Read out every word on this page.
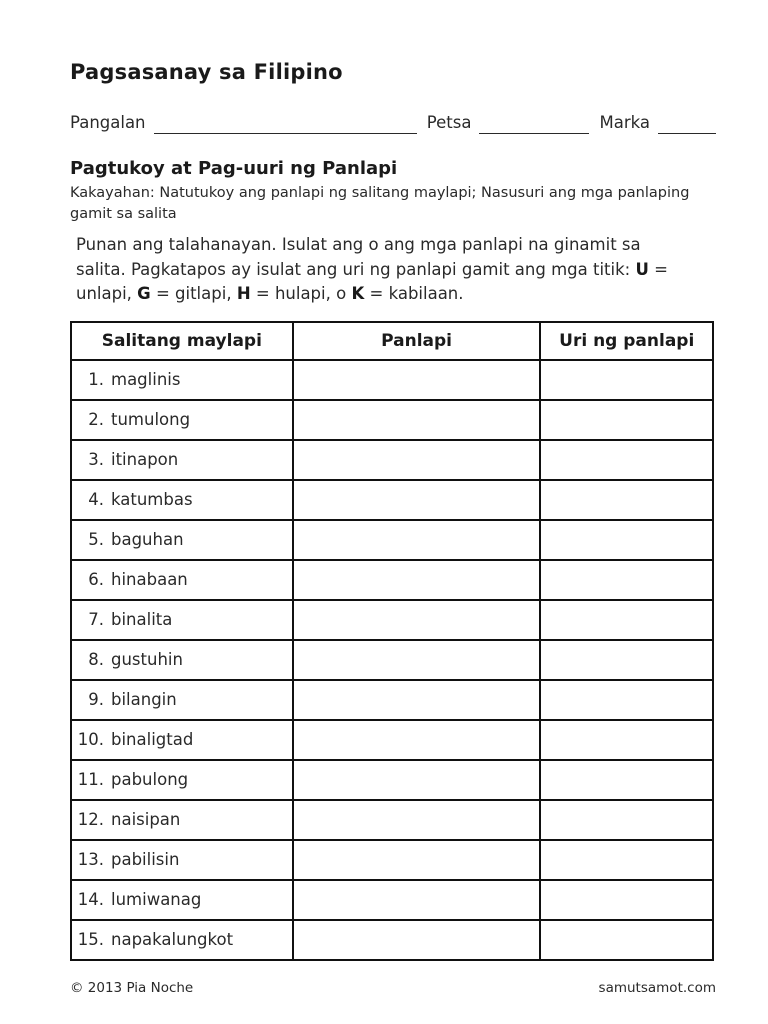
Pagsasanay sa Filipino
Pangalan	Petsa	Marka
Pagtukoy at Pag-uuri ng Panlapi

Kakayahan: Natutukoy ang panlapi ng salitang maylapi; Nasusuri ang mga panlaping gamit sa salita

Punan ang talahanayan. Isulat ang o ang mga panlapi na ginamit sa salita. Pagkatapos ay isulat ang uri ng panlapi gamit ang mga titik: U = unlapi, G = gitlapi, H = hulapi, o K = kabilaan.

Salitang maylapi	Panlapi	Uri ng panlapi
1. maglinis		
2. tumulong		
3. itinapon		
4. katumbas		
5. baguhan		
6. hinabaan		
7. binalita		
8. gustuhin		
9. bilangin		
10. binaligtad		
11. pabulong		
12. naisipan		
13. pabilisin		
14. lumiwanag		
15. napakalungkot		
© 2013 Pia Noche	samutsamot.com
